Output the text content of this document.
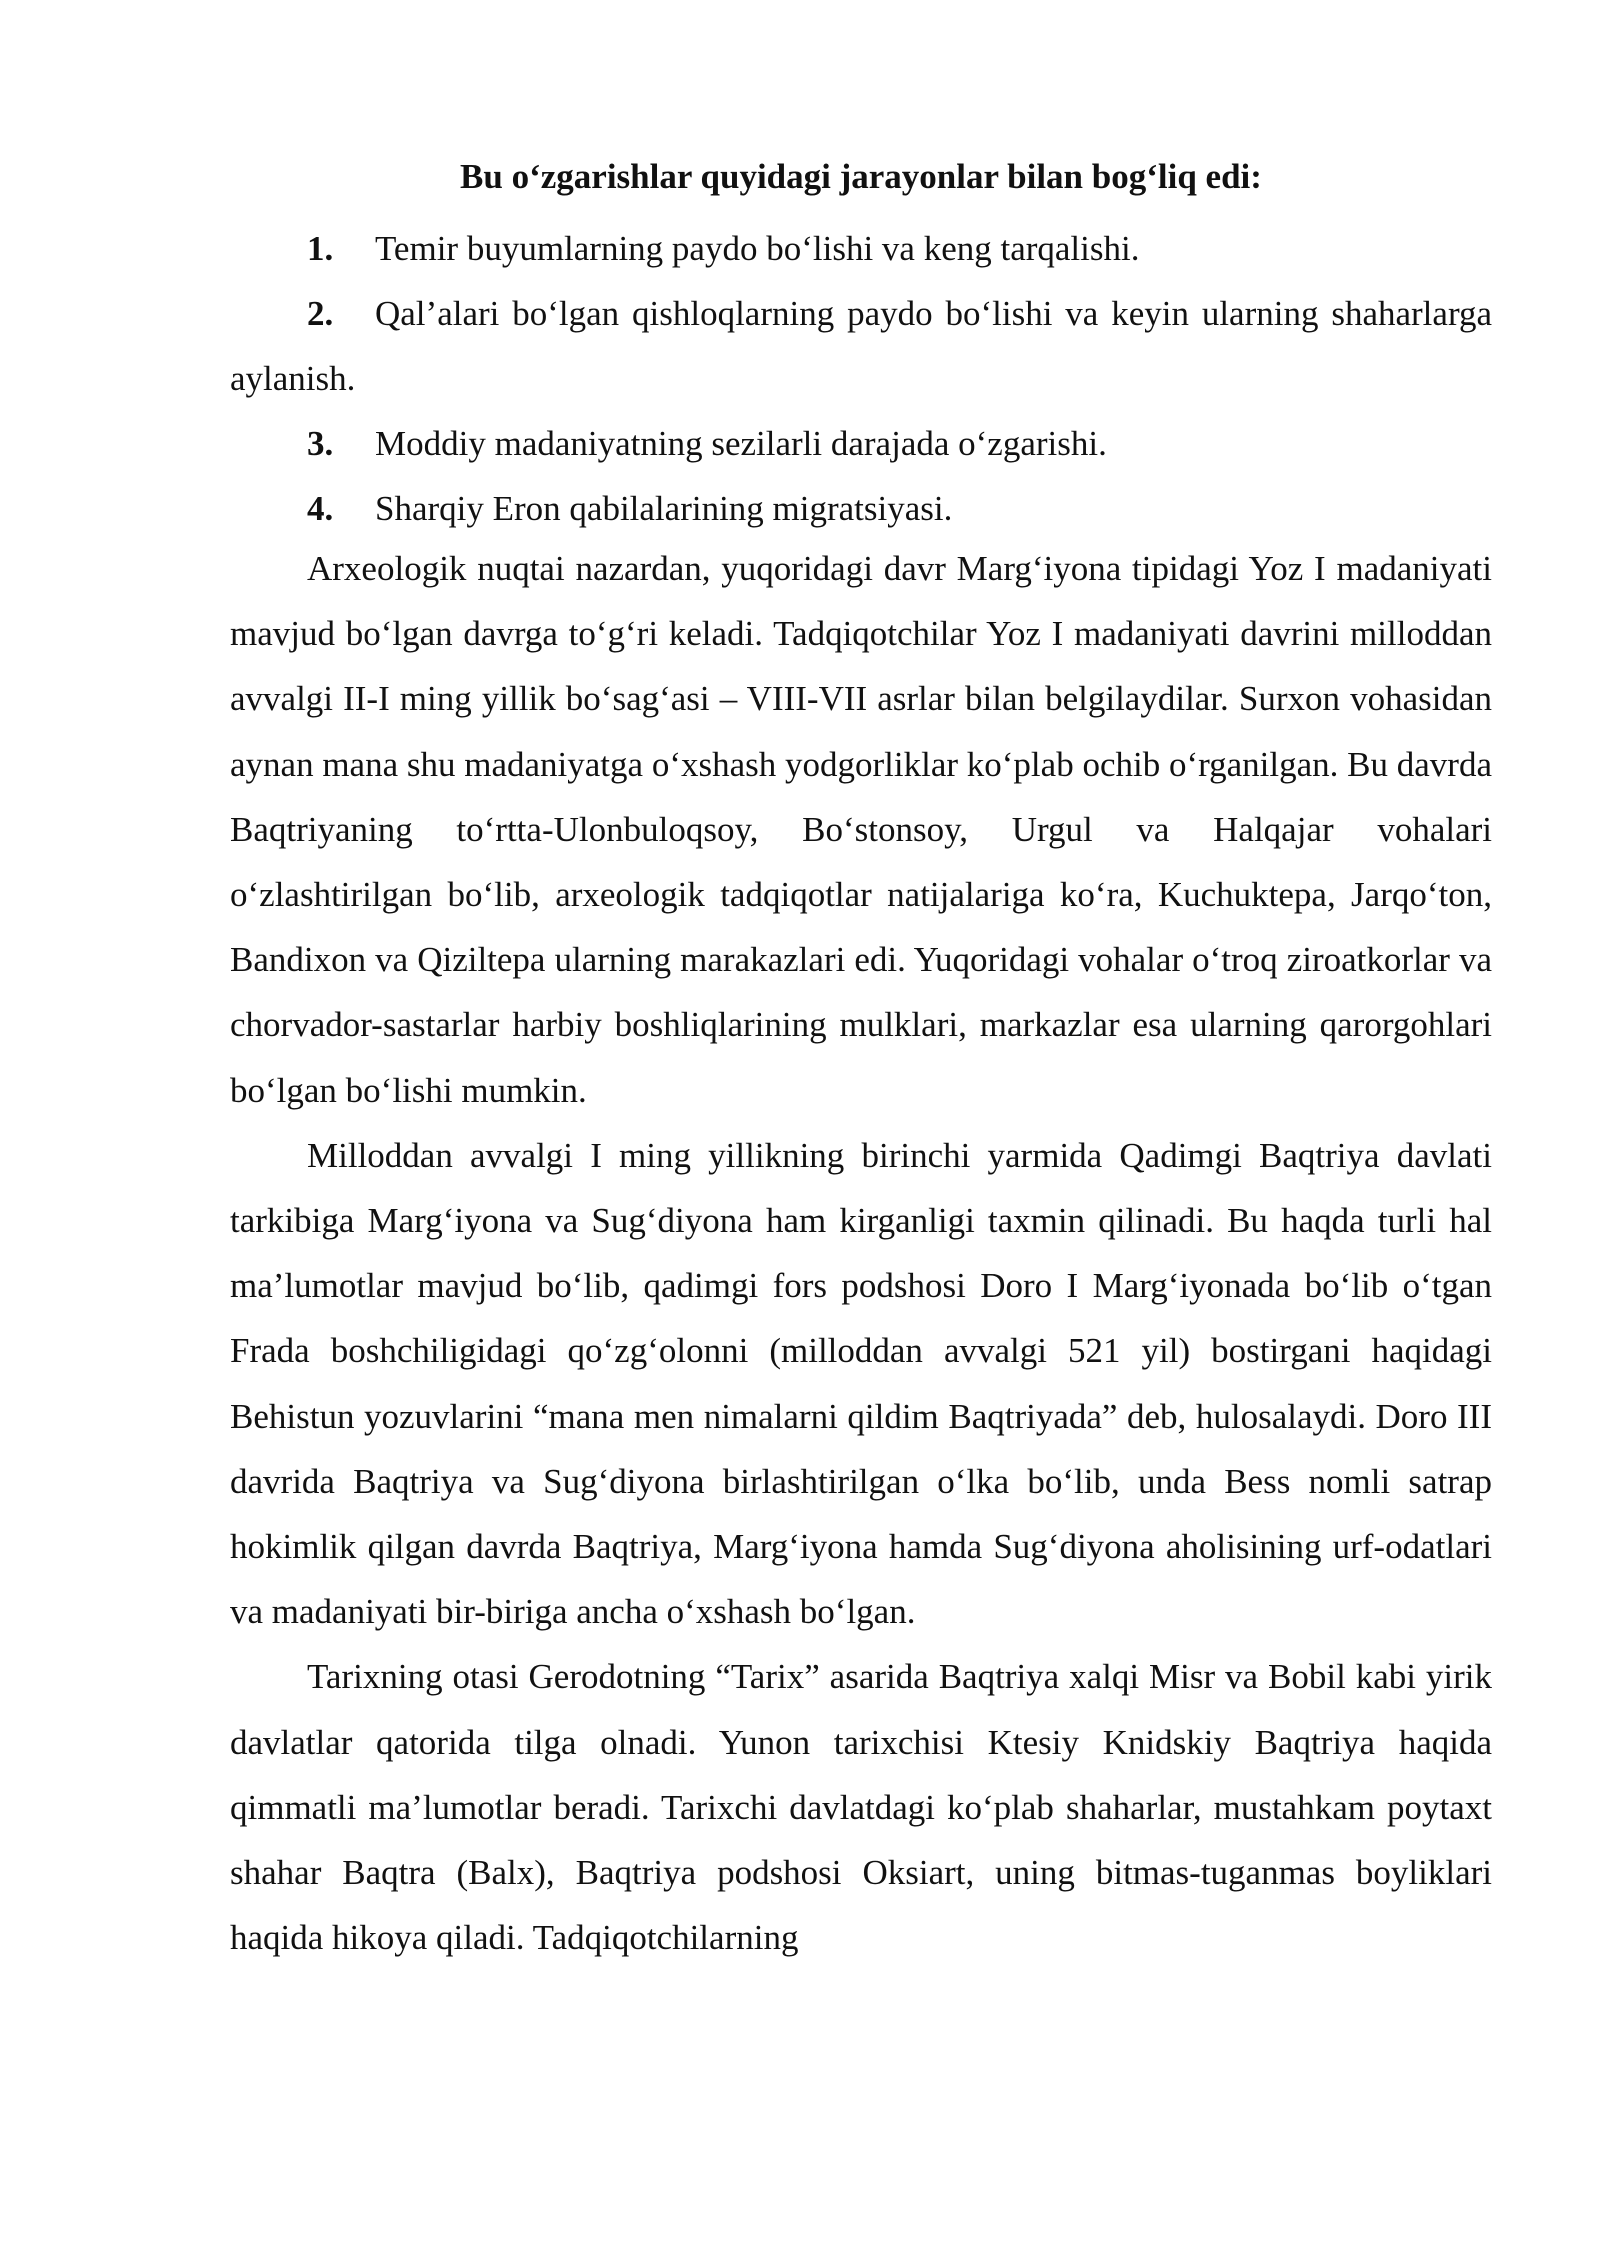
Bu o‘zgarishlar quyidagi jarayonlar bilan bog‘liq edi:

1. Temir buyumlarning paydo bo‘lishi va keng tarqalishi.
2. Qal’alari bo‘lgan qishloqlarning paydo bo‘lishi va keyin ularning shaharlarga aylanish.
3. Moddiy madaniyatning sezilarli darajada o‘zgarishi.
4. Sharqiy Eron qabilalarining migratsiyasi.

Arxeologik nuqtai nazardan, yuqoridagi davr Marg‘iyona tipidagi Yoz I madaniyati mavjud bo‘lgan davrga to‘g‘ri keladi. Tadqiqotchilar Yoz I madaniyati davrini milloddan avvalgi II-I ming yillik bo‘sag‘asi – VIII-VII asrlar bilan belgilaydilar. Surxon vohasidan aynan mana shu madaniyatga o‘xshash yodgorliklar ko‘plab ochib o‘rganilgan. Bu davrda Baqtriyaning to‘rtta-Ulonbuloqsoy, Bo‘stonsoy, Urgul va Halqajar vohalari o‘zlashtirilgan bo‘lib, arxeologik tadqiqotlar natijalariga ko‘ra, Kuchuktepa, Jarqo‘ton, Bandixon va Qiziltepa ularning marakazlari edi. Yuqoridagi vohalar o‘troq ziroatkorlar va chorvador-sastarlar harbiy boshliqlarining mulklari, markazlar esa ularning qarorgohlari bo‘lgan bo‘lishi mumkin.

Milloddan avvalgi I ming yillikning birinchi yarmida Qadimgi Baqtriya davlati tarkibiga Marg‘iyona va Sug‘diyona ham kirganligi taxmin qilinadi. Bu haqda turli hal ma’lumotlar mavjud bo‘lib, qadimgi fors podshosi Doro I Marg‘iyonada bo‘lib o‘tgan Frada boshchiligidagi qo‘zg‘olonni (milloddan avvalgi 521 yil) bostirgani haqidagi Behistun yozuvlarini “mana men nimalarni qildim Baqtriyada” deb, hulosalaydi. Doro III davrida Baqtriya va Sug‘diyona birlashtirilgan o‘lka bo‘lib, unda Bess nomli satrap hokimlik qilgan davrda Baqtriya, Marg‘iyona hamda Sug‘diyona aholisining urf-odatlari va madaniyati bir-biriga ancha o‘xshash bo‘lgan.

Tarixning otasi Gerodotning “Tarix” asarida Baqtriya xalqi Misr va Bobil kabi yirik davlatlar qatorida tilga olnadi. Yunon tarixchisi Ktesiy Knidskiy Baqtriya haqida qimmatli ma’lumotlar beradi. Tarixchi davlatdagi ko‘plab shaharlar, mustahkam poytaxt shahar Baqtra (Balx), Baqtriya podshosi Oksiart, uning bitmas-tuganmas boyliklari haqida hikoya qiladi. Tadqiqotchilarning
